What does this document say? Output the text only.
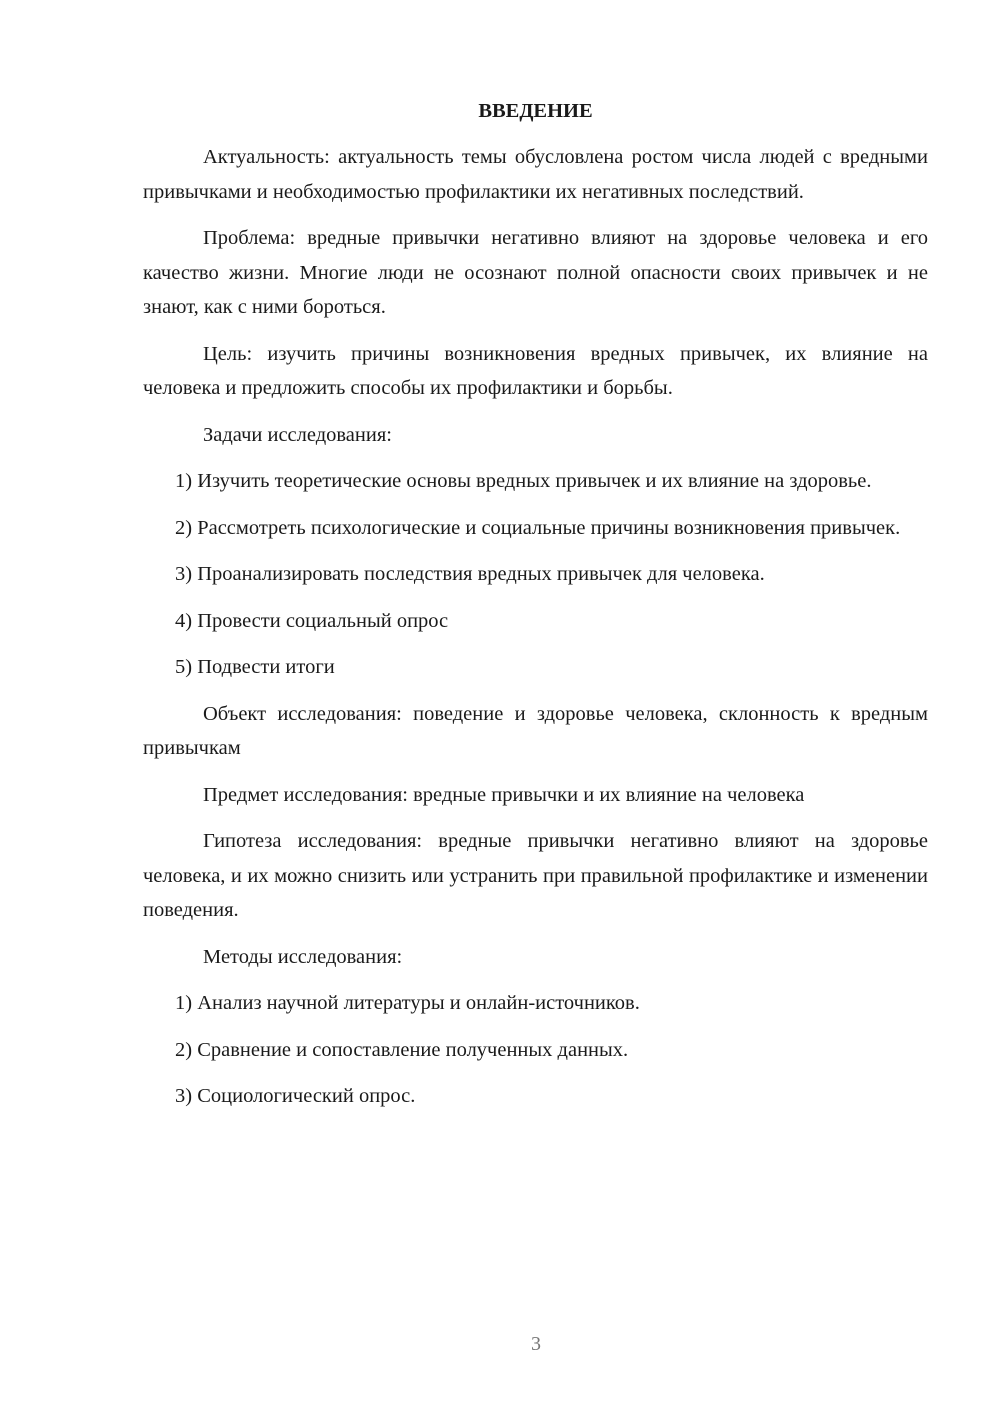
ВВЕДЕНИЕ

Актуальность: актуальность темы обусловлена ростом числа людей с вредными привычками и необходимостью профилактики их негативных последствий.

Проблема: вредные привычки негативно влияют на здоровье человека и его качество жизни. Многие люди не осознают полной опасности своих привычек и не знают, как с ними бороться.

Цель: изучить причины возникновения вредных привычек, их влияние на человека и предложить способы их профилактики и борьбы.

Задачи исследования:

1) Изучить теоретические основы вредных привычек и их влияние на здоровье.

2) Рассмотреть психологические и социальные причины возникновения привычек.

3) Проанализировать последствия вредных привычек для человека.

4) Провести социальный опрос

5) Подвести итоги

Объект исследования: поведение и здоровье человека, склонность к вредным привычкам

Предмет исследования: вредные привычки и их влияние на человека

Гипотеза исследования: вредные привычки негативно влияют на здоровье человека, и их можно снизить или устранить при правильной профилактике и изменении поведения.

Методы исследования:

1) Анализ научной литературы и онлайн-источников.

2) Сравнение и сопоставление полученных данных.

3) Социологический опрос.

3
